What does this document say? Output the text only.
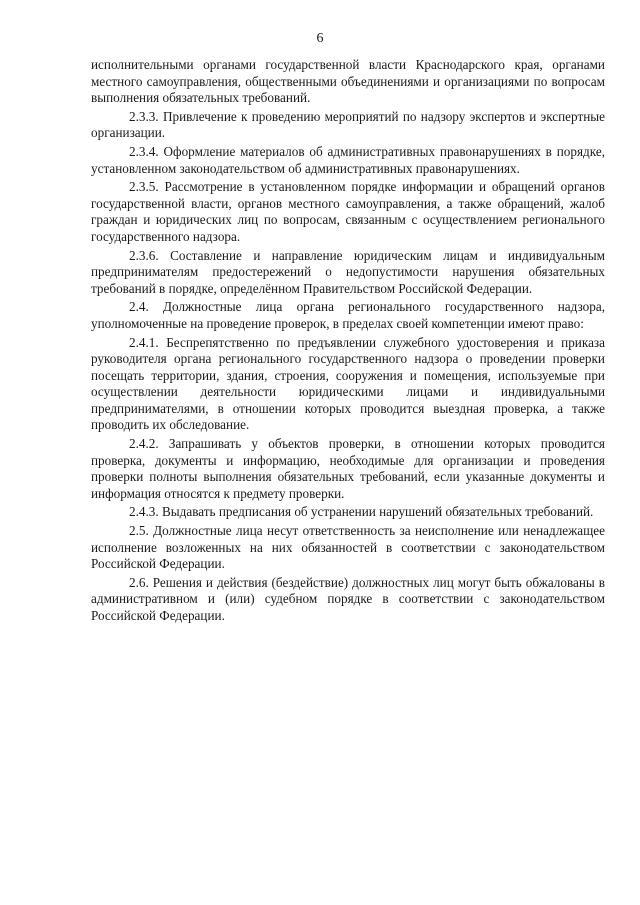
6

исполнительными органами государственной власти Краснодарского края, органами местного самоуправления, общественными объединениями и организациями по вопросам выполнения обязательных требований.

2.3.3. Привлечение к проведению мероприятий по надзору экспертов и экспертные организации.

2.3.4. Оформление материалов об административных правонарушениях в порядке, установленном законодательством об административных правонарушениях.

2.3.5. Рассмотрение в установленном порядке информации и обращений органов государственной власти, органов местного самоуправления, а также обращений, жалоб граждан и юридических лиц по вопросам, связанным с осуществлением регионального государственного надзора.

2.3.6. Составление и направление юридическим лицам и индивидуальным предпринимателям предостережений о недопустимости нарушения обязательных требований в порядке, определённом Правительством Российской Федерации.

2.4. Должностные лица органа регионального государственного надзора, уполномоченные на проведение проверок, в пределах своей компетенции имеют право:

2.4.1. Беспрепятственно по предъявлении служебного удостоверения и приказа руководителя органа регионального государственного надзора о проведении проверки посещать территории, здания, строения, сооружения и помещения, используемые при осуществлении деятельности юридическими лицами и индивидуальными предпринимателями, в отношении которых проводится выездная проверка, а также проводить их обследование.

2.4.2. Запрашивать у объектов проверки, в отношении которых проводится проверка, документы и информацию, необходимые для организации и проведения проверки полноты выполнения обязательных требований, если указанные документы и информация относятся к предмету проверки.

2.4.3. Выдавать предписания об устранении нарушений обязательных требований.

2.5. Должностные лица несут ответственность за неисполнение или ненадлежащее исполнение возложенных на них обязанностей в соответствии с законодательством Российской Федерации.

2.6. Решения и действия (бездействие) должностных лиц могут быть обжалованы в административном и (или) судебном порядке в соответствии с законодательством Российской Федерации.
